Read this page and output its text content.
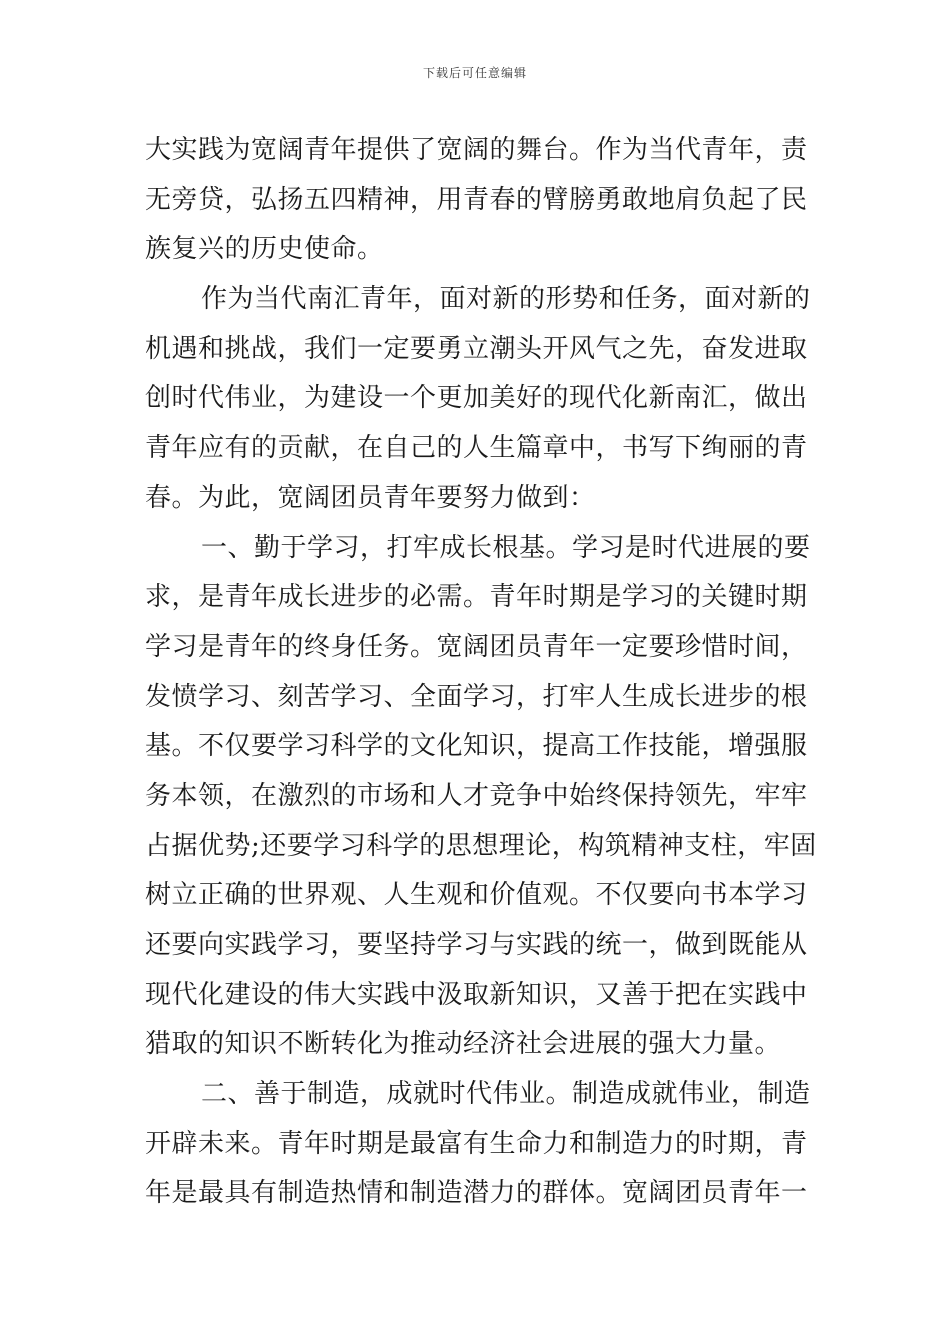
下载后可任意编辑
大实践为宽阔青年提供了宽阔的舞台。作为当代青年，责
无旁贷，弘扬五四精神，用青春的臂膀勇敢地肩负起了民
族复兴的历史使命。
作为当代南汇青年，面对新的形势和任务，面对新的
机遇和挑战，我们一定要勇立潮头开风气之先，奋发进取
创时代伟业，为建设一个更加美好的现代化新南汇，做出
青年应有的贡献，在自己的人生篇章中，书写下绚丽的青
春。为此，宽阔团员青年要努力做到：
一、勤于学习，打牢成长根基。学习是时代进展的要
求，是青年成长进步的必需。青年时期是学习的关键时期
学习是青年的终身任务。宽阔团员青年一定要珍惜时间，
发愤学习、刻苦学习、全面学习，打牢人生成长进步的根
基。不仅要学习科学的文化知识，提高工作技能，增强服
务本领，在激烈的市场和人才竞争中始终保持领先，牢牢
占据优势;还要学习科学的思想理论，构筑精神支柱，牢固
树立正确的世界观、人生观和价值观。不仅要向书本学习
还要向实践学习，要坚持学习与实践的统一，做到既能从
现代化建设的伟大实践中汲取新知识，又善于把在实践中
猎取的知识不断转化为推动经济社会进展的强大力量。
二、善于制造，成就时代伟业。制造成就伟业，制造
开辟未来。青年时期是最富有生命力和制造力的时期，青
年是最具有制造热情和制造潜力的群体。宽阔团员青年一
